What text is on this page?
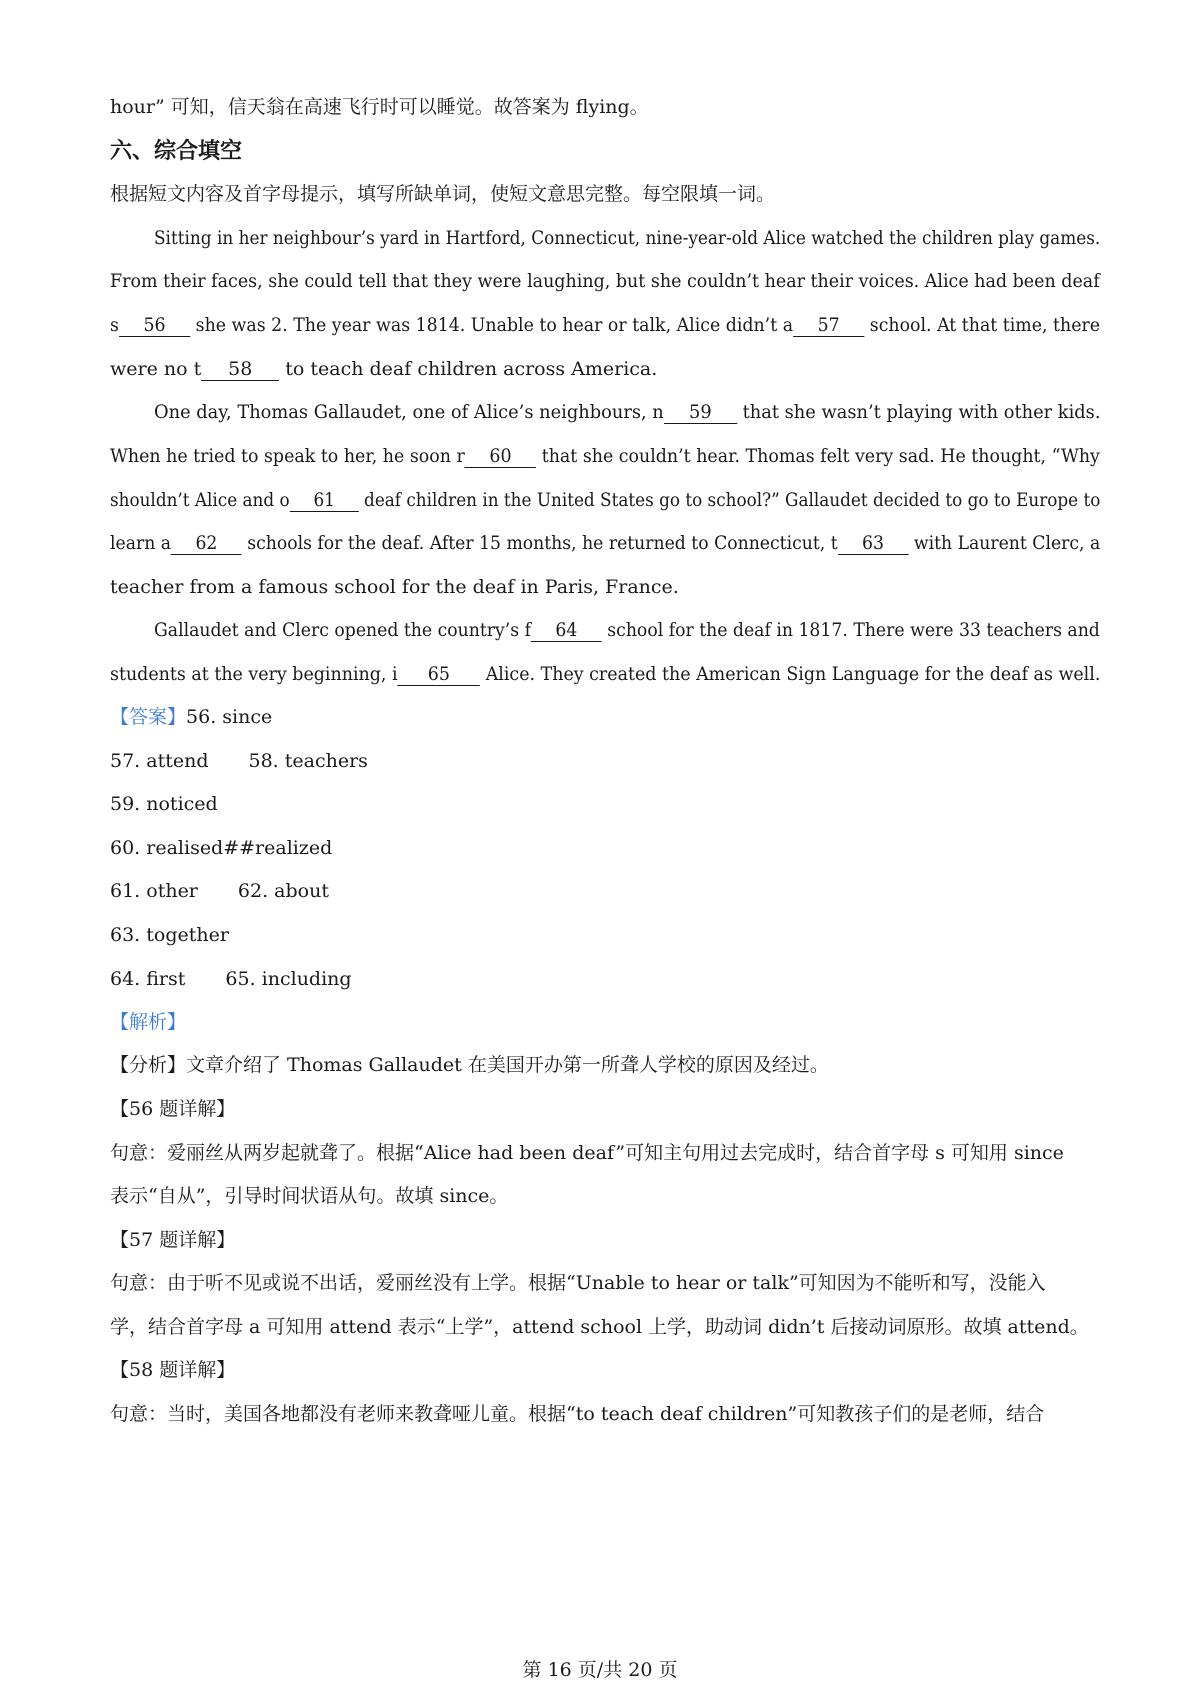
hour” 可知，信天翁在高速飞行时可以睡觉。故答案为 flying。
六、综合填空
根据短文内容及首字母提示，填写所缺单词，使短文意思完整。每空限填一词。
Sitting in her neighbour’s yard in Hartford, Connecticut, nine-year-old Alice watched the children play games.
From their faces, she could tell that they were laughing, but she couldn’t hear their voices. Alice had been deaf
s 56 she was 2. The year was 1814. Unable to hear or talk, Alice didn’t a 57 school. At that time, there
were no t 58 to teach deaf children across America.
One day, Thomas Gallaudet, one of Alice’s neighbours, n 59 that she wasn’t playing with other kids.
When he tried to speak to her, he soon r 60 that she couldn’t hear. Thomas felt very sad. He thought, “Why
shouldn’t Alice and o 61 deaf children in the United States go to school?” Gallaudet decided to go to Europe to
learn a 62 schools for the deaf. After 15 months, he returned to Connecticut, t 63 with Laurent Clerc, a
teacher from a famous school for the deaf in Paris, France.
Gallaudet and Clerc opened the country’s f 64 school for the deaf in 1817. There were 33 teachers and
students at the very beginning, i 65 Alice. They created the American Sign Language for the deaf as well.
【答案】56. since
57. attend 58. teachers
59. noticed
60. realised##realized
61. other 62. about
63. together
64. first 65. including
【解析】
【分析】文章介绍了 Thomas Gallaudet 在美国开办第一所聋人学校的原因及经过。
【56 题详解】
句意：爱丽丝从两岁起就聋了。根据“Alice had been deaf”可知主句用过去完成时，结合首字母 s 可知用 since
表示“自从”，引导时间状语从句。故填 since。
【57 题详解】
句意：由于听不见或说不出话，爱丽丝没有上学。根据“Unable to hear or talk”可知因为不能听和写，没能入
学，结合首字母 a 可知用 attend 表示“上学”，attend school 上学，助动词 didn’t 后接动词原形。故填 attend。
【58 题详解】
句意：当时，美国各地都没有老师来教聋哑儿童。根据“to teach deaf children”可知教孩子们的是老师，结合
第 16 页/共 20 页
